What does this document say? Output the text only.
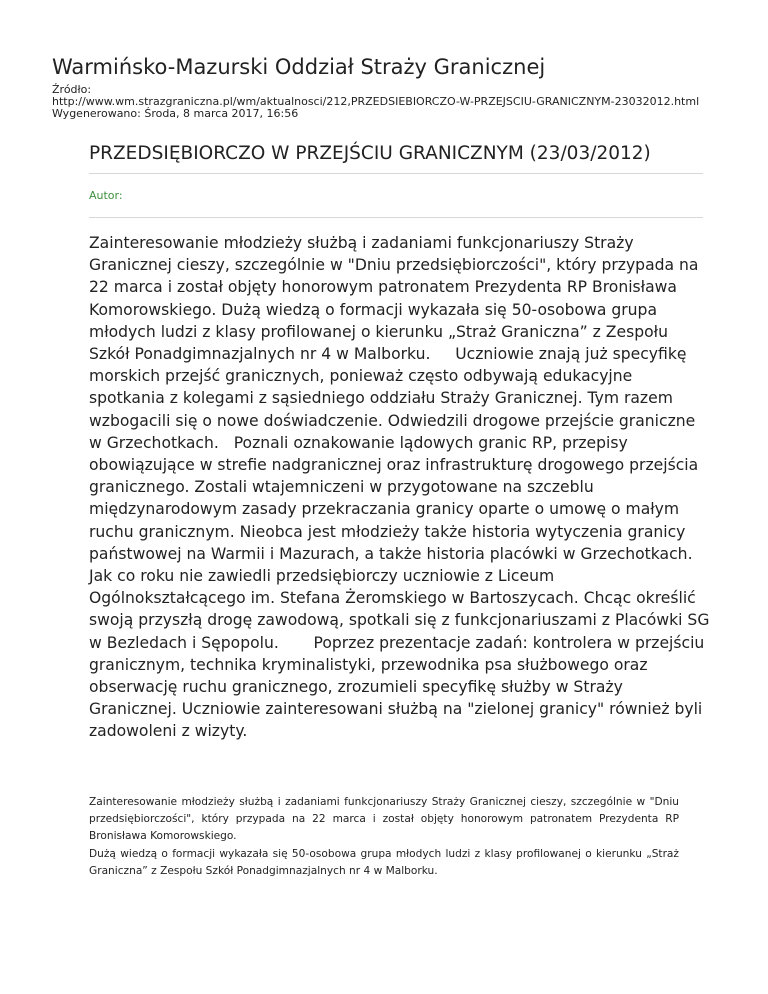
Warmińsko-Mazurski Oddział Straży Granicznej
Źródło:
http://www.wm.strazgraniczna.pl/wm/aktualnosci/212,PRZEDSIEBIORCZO-W-PRZEJSCIU-GRANICZNYM-23032012.html
Wygenerowano: Środa, 8 marca 2017, 16:56
PRZEDSIĘBIORCZO W PRZEJŚCIU GRANICZNYM (23/03/2012)
Autor:
Zainteresowanie młodzieży służbą i zadaniami funkcjonariuszy Straży Granicznej cieszy, szczególnie w "Dniu przedsiębiorczości", który przypada na 22 marca i został objęty honorowym patronatem Prezydenta RP Bronisława Komorowskiego. Dużą wiedzą o formacji wykazała się 50-osobowa grupa młodych ludzi z klasy profilowanej o kierunku „Straż Graniczna” z Zespołu Szkół Ponadgimnazjalnych nr 4 w Malborku.     Uczniowie znają już specyfikę morskich przejść granicznych, ponieważ często odbywają edukacyjne spotkania z kolegami z sąsiedniego oddziału Straży Granicznej. Tym razem wzbogacili się o nowe doświadczenie. Odwiedzili drogowe przejście graniczne w Grzechotkach.   Poznali oznakowanie lądowych granic RP, przepisy obowiązujące w strefie nadgranicznej oraz infrastrukturę drogowego przejścia granicznego. Zostali wtajemniczeni w przygotowane na szczeblu międzynarodowym zasady przekraczania granicy oparte o umowę o małym ruchu granicznym. Nieobca jest młodzieży także historia wytyczenia granicy państwowej na Warmii i Mazurach, a także historia placówki w Grzechotkach. Jak co roku nie zawiedli przedsiębiorczy uczniowie z Liceum Ogólnokształcącego im. Stefana Żeromskiego w Bartoszycach. Chcąc określić swoją przyszłą drogę zawodową, spotkali się z funkcjonariuszami z Placówki SG w Bezledach i Sępopolu.       Poprzez prezentacje zadań: kontrolera w przejściu granicznym, technika kryminalistyki, przewodnika psa służbowego oraz obserwację ruchu granicznego, zrozumieli specyfikę służby w Straży Granicznej. Uczniowie zainteresowani służbą na "zielonej granicy" również byli zadowoleni z wizyty.
Zainteresowanie młodzieży służbą i zadaniami funkcjonariuszy Straży Granicznej cieszy, szczególnie w "Dniu przedsiębiorczości", który przypada na 22 marca i został objęty honorowym patronatem Prezydenta RP Bronisława Komorowskiego.
Dużą wiedzą o formacji wykazała się 50-osobowa grupa młodych ludzi z klasy profilowanej o kierunku „Straż Graniczna” z Zespołu Szkół Ponadgimnazjalnych nr 4 w Malborku.
